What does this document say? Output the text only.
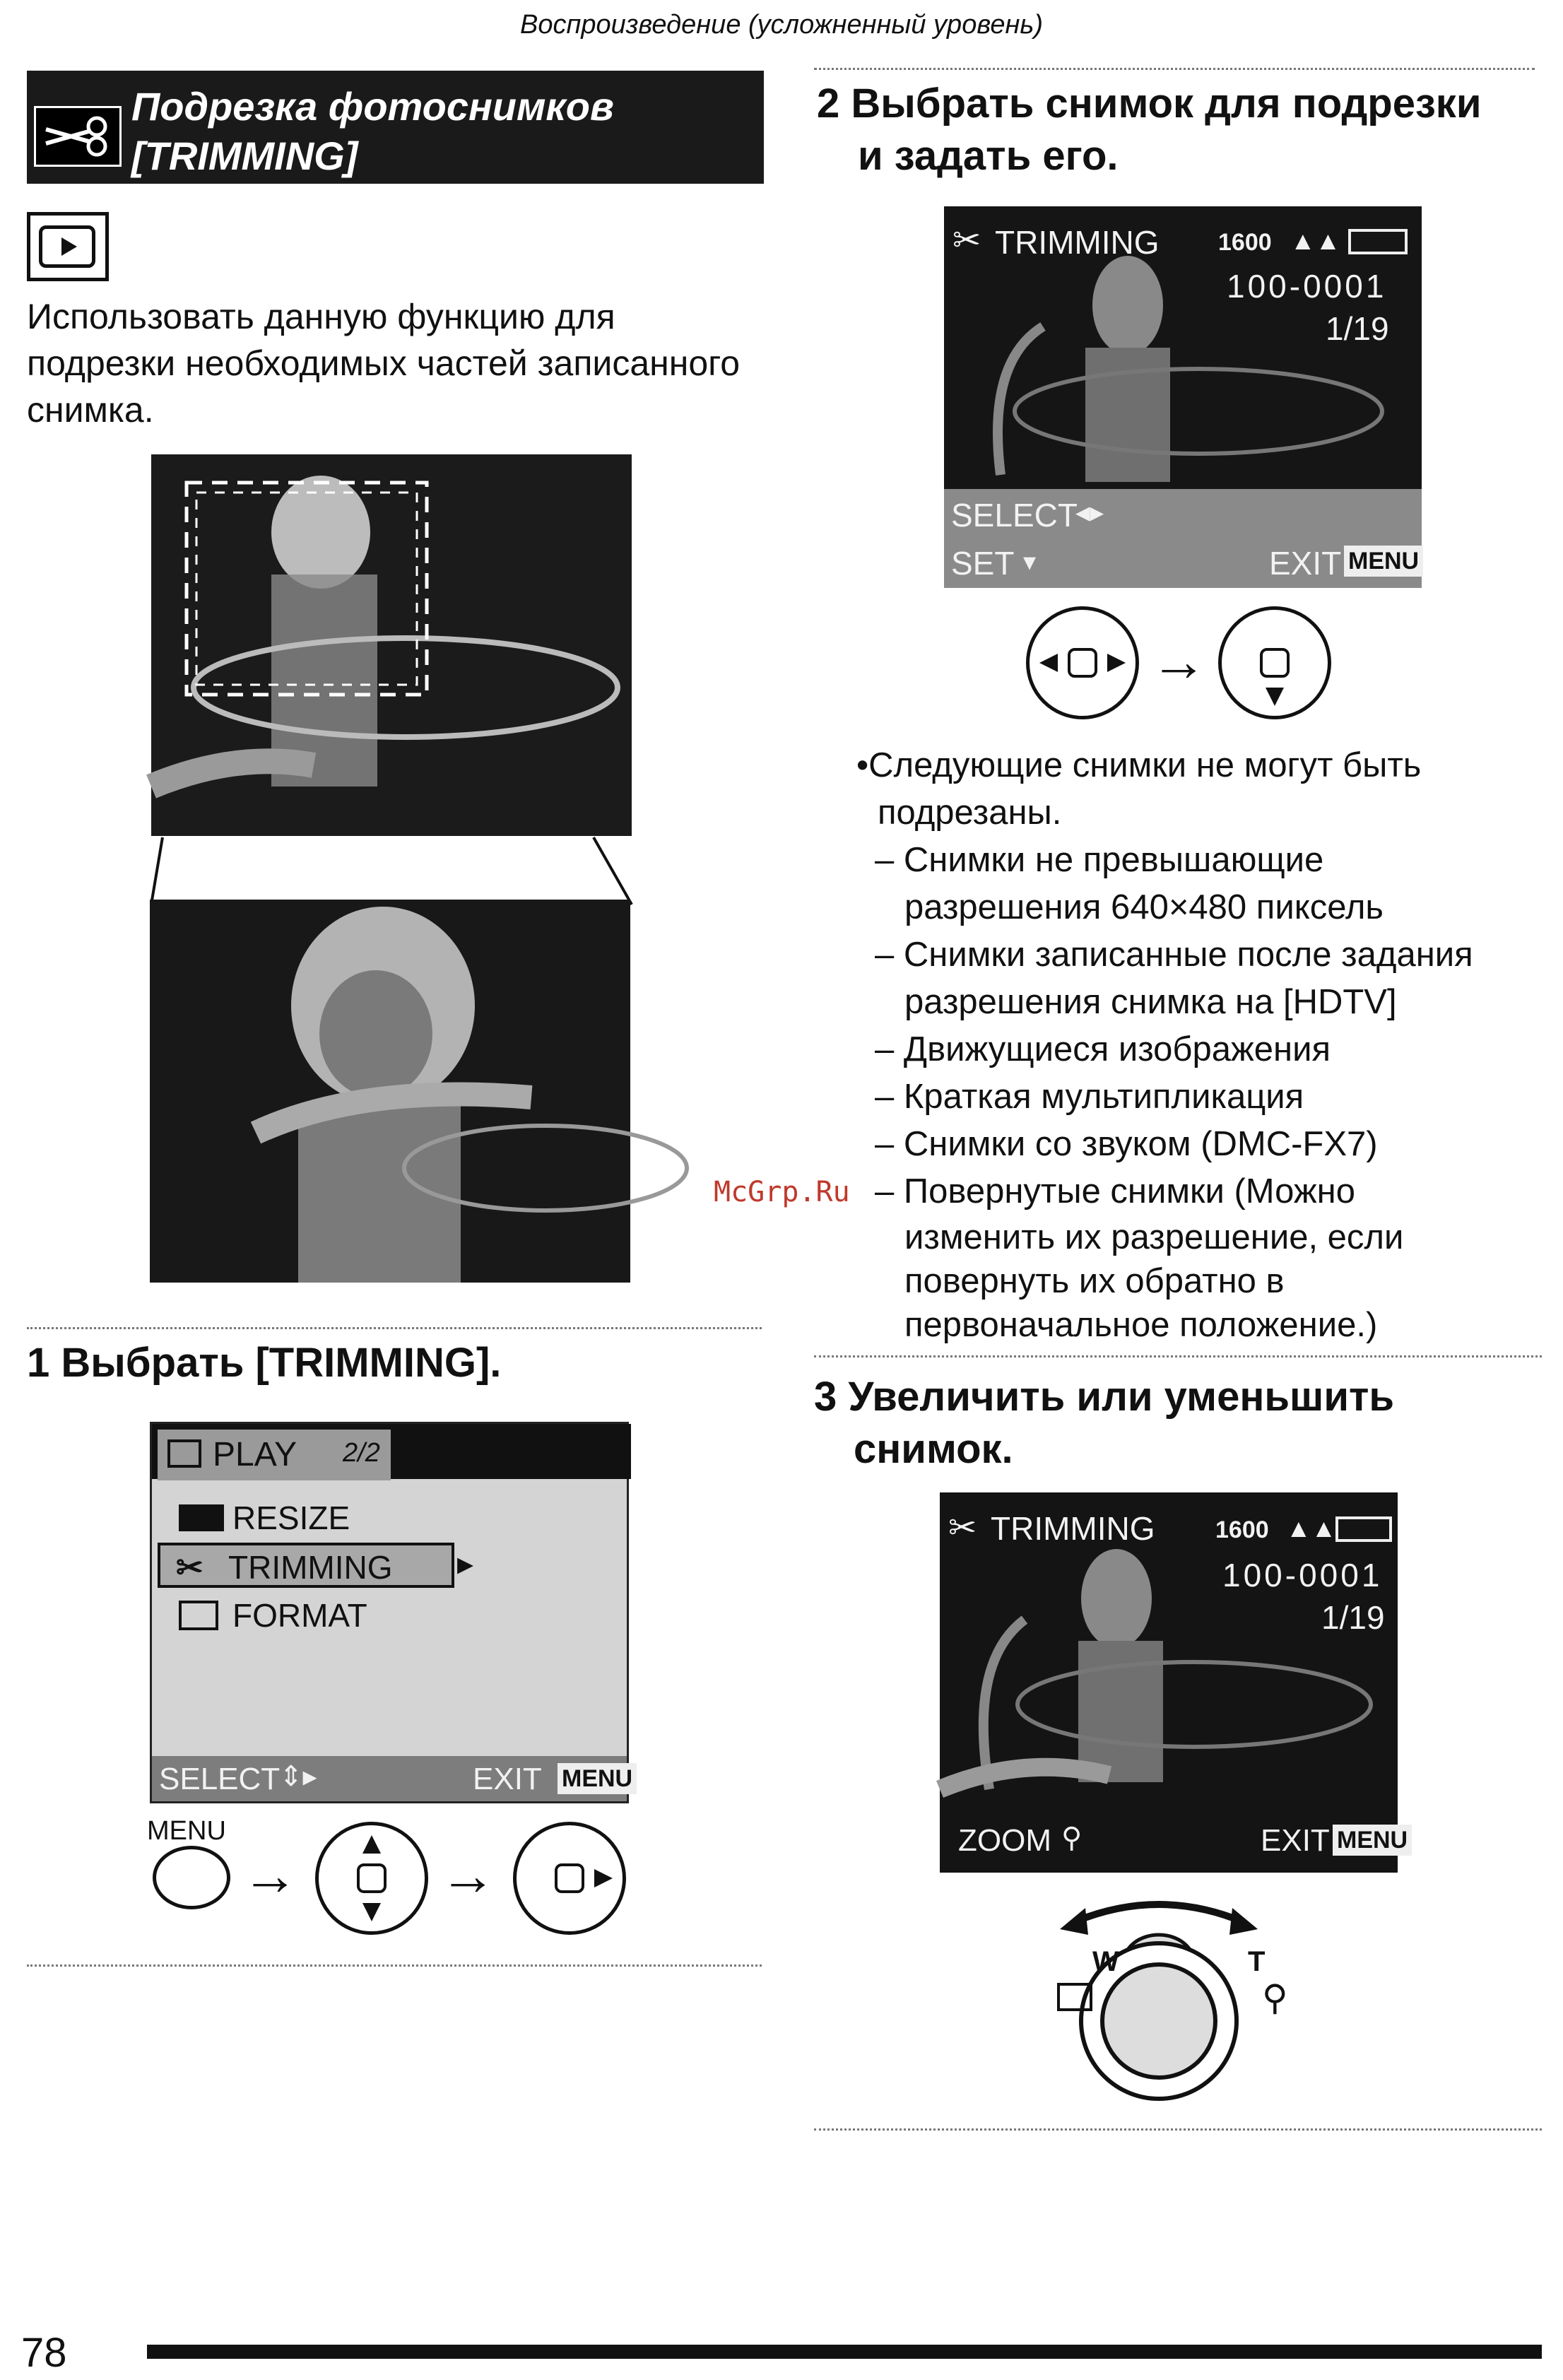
Воспроизведение (усложненный уровень)
Подрезка фотоснимков
[TRIMMING]
Использовать данную функцию для подрезки необходимых частей записанного снимка.
1 Выбрать [TRIMMING].
PLAY 2/2
RESIZE
✂ TRIMMING ▸
FORMAT
SELECT
⇕▸	EXIT MENU
MENU
→	→
2 Выбрать снимок для подрезки
и задать его.
✂ TRIMMING 1600 ▲▲
100-0001
1/19
SELECT
◂▸
SET ▾	EXIT MENU
→
•Следующие снимки не могут быть
подрезаны.
– Снимки не превышающие
разрешения 640×480 пиксель
– Снимки записанные после задания
разрешения снимка на [HDTV]
– Движущиеся изображения
– Краткая мультипликация
– Снимки со звуком (DMC-FX7)
– Повернутые снимки (Можно
изменить их разрешение, если
повернуть их обратно в
первоначальное положение.)
McGrp.Ru
3 Увеличить или уменьшить
снимок.
✂ TRIMMING	1600 ▲▲
100-0001
1/19
ZOOM ⚲	EXIT MENU
W	T
⚲
78
